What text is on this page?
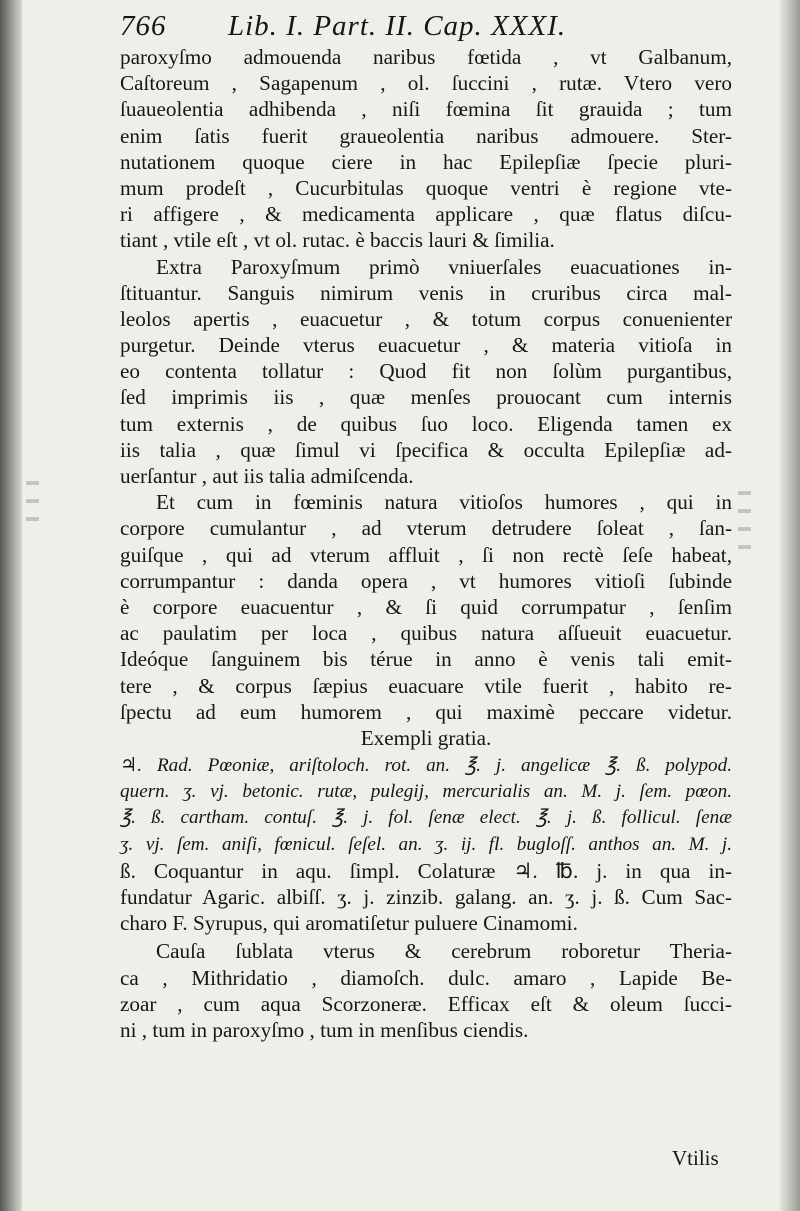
▬
▬
▬
▬
▬
▬
▬
766 Lib. I. Part. II. Cap. XXXI.
paroxyſmo admouenda naribus fœtida , vt Galbanum,
Caſtoreum , Sagapenum , ol. ſuccini , rutæ. Vtero vero
ſuaueolentia adhibenda , niſi fœmina ſit grauida ; tum
enim ſatis fuerit graueolentia naribus admouere. Ster-
nutationem quoque ciere in hac Epilepſiæ ſpecie pluri-
mum prodeſt , Cucurbitulas quoque ventri è regione vte-
ri affigere , & medicamenta applicare , quæ flatus diſcu-
tiant , vtile eſt , vt ol. rutac. è baccis lauri & ſimilia.
Extra Paroxyſmum primò vniuerſales euacuationes in-
ſtituantur. Sanguis nimirum venis in cruribus circa mal-
leolos apertis , euacuetur , & totum corpus conuenienter
purgetur. Deinde vterus euacuetur , & materia vitioſa in
eo contenta tollatur : Quod fit non ſolùm purgantibus,
ſed imprimis iis , quæ menſes prouocant cum internis
tum externis , de quibus ſuo loco. Eligenda tamen ex
iis talia , quæ ſimul vi ſpecifica & occulta Epilepſiæ ad-
uerſantur , aut iis talia admiſcenda.
Et cum in fœminis natura vitioſos humores , qui in
corpore cumulantur , ad vterum detrudere ſoleat , ſan-
guiſque , qui ad vterum affluit , ſi non rectè ſeſe habeat,
corrumpantur : danda opera , vt humores vitioſi ſubinde
è corpore euacuentur , & ſi quid corrumpatur , ſenſim
ac paulatim per loca , quibus natura aſſueuit euacuetur.
Ideóque ſanguinem bis térue in anno è venis tali emit-
tere , & corpus ſæpius euacuare vtile fuerit , habito re-
ſpectu ad eum humorem , qui maximè peccare videtur.
Exempli gratia.
♃. Rad. Pœoniæ, ariſtoloch. rot. an. ℥. j. angelicæ ℥. ß. polypod.
quern. ʒ. vj. betonic. rutæ, pulegij, mercurialis an. M. j. ſem. pœon.
℥. ß. cartham. contuſ. ℥. j. fol. ſenæ elect. ℥. j. ß. follicul. ſenæ
ʒ. vj. ſem. aniſi, fœnicul. ſeſel. an. ʒ. ij. fl. bugloſſ. anthos an. M. j.
ß. Coquantur in aqu. ſimpl. Colaturæ ♃. ℔. j. in qua in-
fundatur Agaric. albiſſ. ʒ. j. zinzib. galang. an. ʒ. j. ß. Cum Sac-
charo F. Syrupus, qui aromatiſetur puluere Cinamomi.
Cauſa ſublata vterus & cerebrum roboretur Theria-
ca , Mithridatio , diamoſch. dulc. amaro , Lapide Be-
zoar , cum aqua Scorzoneræ. Efficax eſt & oleum ſucci-
ni , tum in paroxyſmo , tum in menſibus ciendis.
Vtilis
